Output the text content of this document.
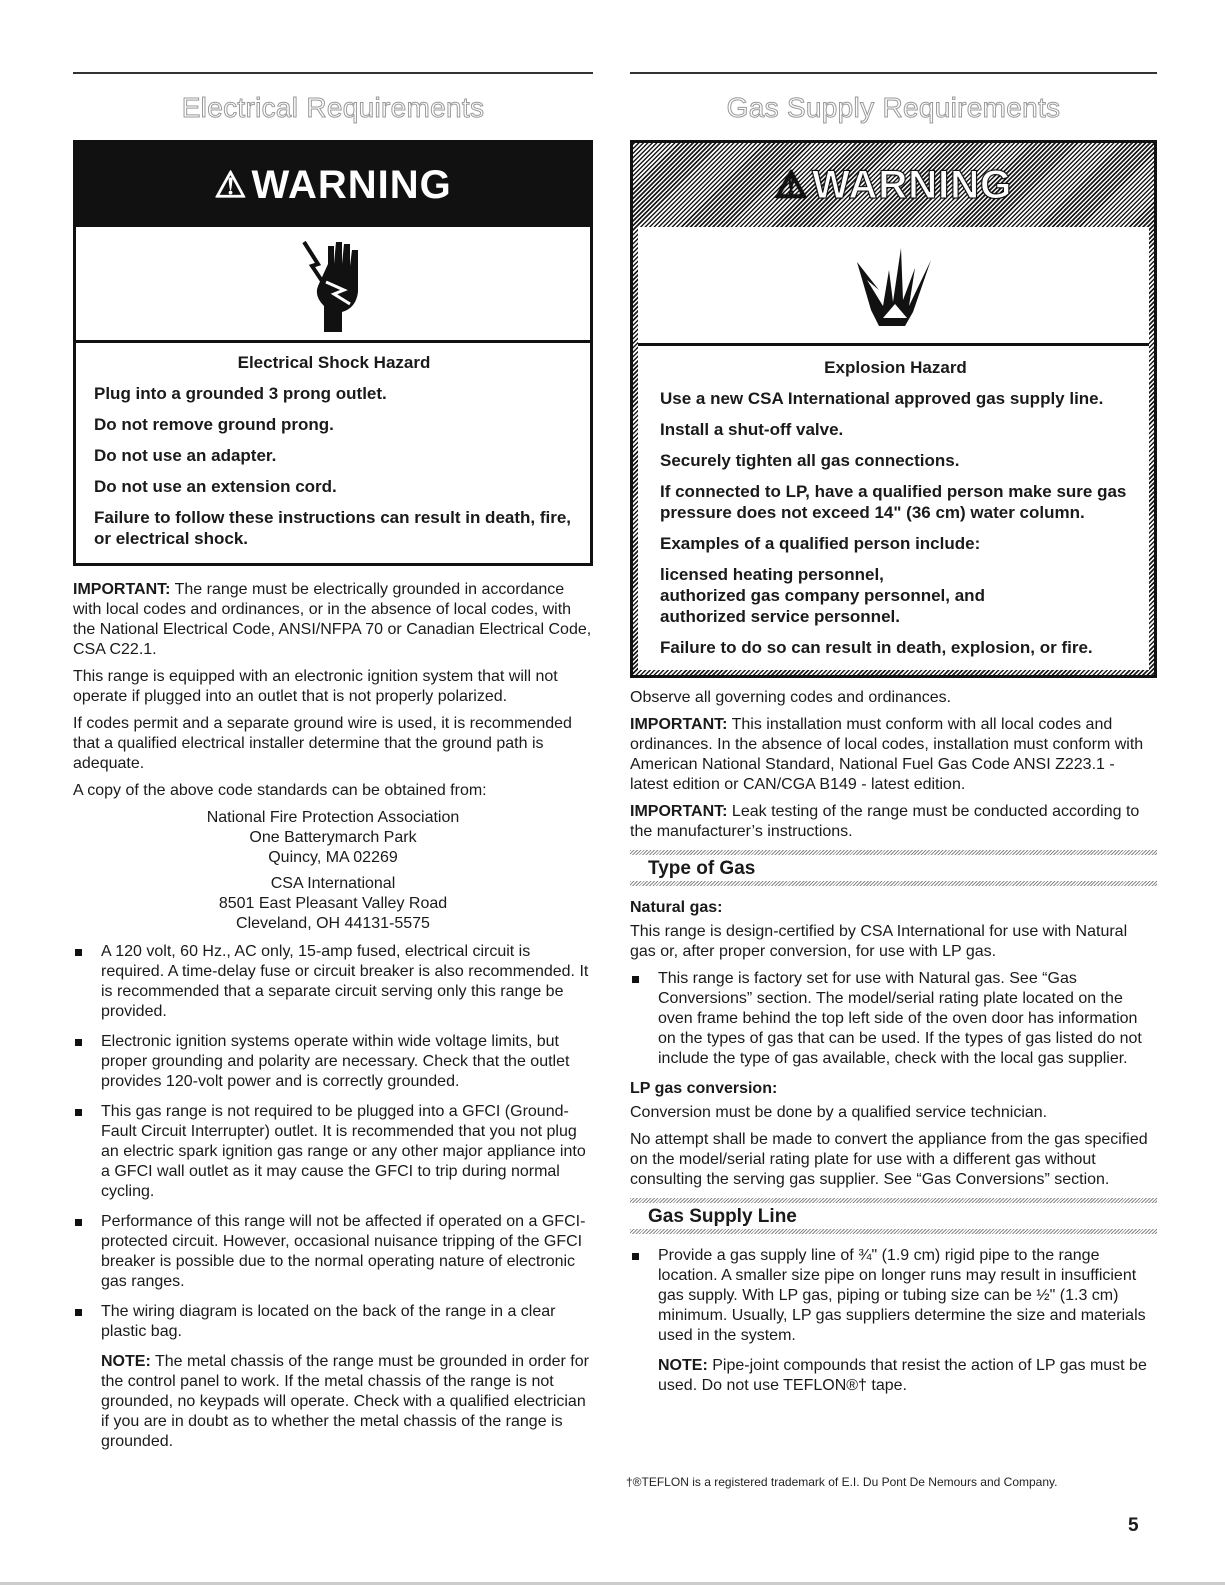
Electrical Requirements
⚠ WARNING
Electrical Shock Hazard

Plug into a grounded 3 prong outlet.

Do not remove ground prong.

Do not use an adapter.

Do not use an extension cord.

Failure to follow these instructions can result in death, fire, or electrical shock.

IMPORTANT: The range must be electrically grounded in accordance with local codes and ordinances, or in the absence of local codes, with the National Electrical Code, ANSI/NFPA 70 or Canadian Electrical Code, CSA C22.1.

This range is equipped with an electronic ignition system that will not operate if plugged into an outlet that is not properly polarized.

If codes permit and a separate ground wire is used, it is recommended that a qualified electrical installer determine that the ground path is adequate.

A copy of the above code standards can be obtained from:

National Fire Protection Association
One Batterymarch Park
Quincy, MA 02269
CSA International
8501 East Pleasant Valley Road
Cleveland, OH 44131-5575
A 120 volt, 60 Hz., AC only, 15-amp fused, electrical circuit is required. A time-delay fuse or circuit breaker is also recommended. It is recommended that a separate circuit serving only this range be provided.
Electronic ignition systems operate within wide voltage limits, but proper grounding and polarity are necessary. Check that the outlet provides 120-volt power and is correctly grounded.
This gas range is not required to be plugged into a GFCI (Ground-Fault Circuit Interrupter) outlet. It is recommended that you not plug an electric spark ignition gas range or any other major appliance into a GFCI wall outlet as it may cause the GFCI to trip during normal cycling.
Performance of this range will not be affected if operated on a GFCI-protected circuit. However, occasional nuisance tripping of the GFCI breaker is possible due to the normal operating nature of electronic gas ranges.
The wiring diagram is located on the back of the range in a clear plastic bag.
NOTE: The metal chassis of the range must be grounded in order for the control panel to work. If the metal chassis of the range is not grounded, no keypads will operate. Check with a qualified electrician if you are in doubt as to whether the metal chassis of the range is grounded.
Gas Supply Requirements
⚠ WARNING
Explosion Hazard

Use a new CSA International approved gas supply line.

Install a shut-off valve.

Securely tighten all gas connections.

If connected to LP, have a qualified person make sure gas pressure does not exceed 14" (36 cm) water column.

Examples of a qualified person include:

licensed heating personnel,
authorized gas company personnel, and
authorized service personnel.

Failure to do so can result in death, explosion, or fire.

Observe all governing codes and ordinances.

IMPORTANT: This installation must conform with all local codes and ordinances. In the absence of local codes, installation must conform with American National Standard, National Fuel Gas Code ANSI Z223.1 - latest edition or CAN/CGA B149 - latest edition.

IMPORTANT: Leak testing of the range must be conducted according to the manufacturer’s instructions.

Type of Gas
Natural gas:

This range is design-certified by CSA International for use with Natural gas or, after proper conversion, for use with LP gas.

This range is factory set for use with Natural gas. See “Gas Conversions” section. The model/serial rating plate located on the oven frame behind the top left side of the oven door has information on the types of gas that can be used. If the types of gas listed do not include the type of gas available, check with the local gas supplier.
LP gas conversion:

Conversion must be done by a qualified service technician.

No attempt shall be made to convert the appliance from the gas specified on the model/serial rating plate for use with a different gas without consulting the serving gas supplier. See “Gas Conversions” section.

Gas Supply Line
Provide a gas supply line of ¾" (1.9 cm) rigid pipe to the range location. A smaller size pipe on longer runs may result in insufficient gas supply. With LP gas, piping or tubing size can be ½" (1.3 cm) minimum. Usually, LP gas suppliers determine the size and materials used in the system.
NOTE: Pipe-joint compounds that resist the action of LP gas must be used. Do not use TEFLON®† tape.
†®TEFLON is a registered trademark of E.I. Du Pont De Nemours and Company.
5
